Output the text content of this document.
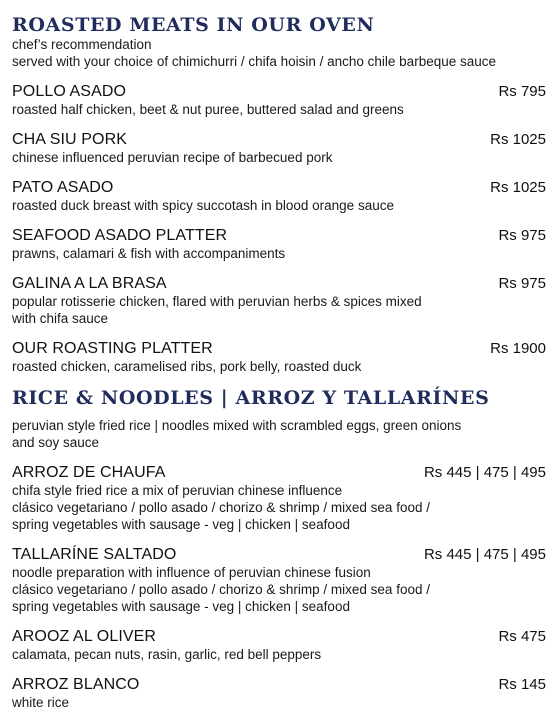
ROASTED MEATS IN OUR OVEN
chef’s recommendation
served with your choice of chimichurri / chifa hoisin / ancho chile barbeque sauce
POLLO ASADO	Rs 795
roasted half chicken, beet & nut puree, buttered salad and greens
CHA SIU PORK	Rs 1025
chinese influenced peruvian recipe of barbecued pork
PATO ASADO	Rs 1025
roasted duck breast with spicy succotash in blood orange sauce
SEAFOOD ASADO PLATTER	Rs 975
prawns, calamari & fish with accompaniments
GALINA A LA BRASA	Rs 975
popular rotisserie chicken, flared with peruvian herbs & spices mixed
with chifa sauce
OUR ROASTING PLATTER	Rs 1900
roasted chicken, caramelised ribs, pork belly, roasted duck
RICE & NOODLES | ARROZ Y TALLARÍNES
peruvian style fried rice | noodles mixed with scrambled eggs, green onions
and soy sauce
ARROZ DE CHAUFA	Rs 445 | 475 | 495
chifa style fried rice a mix of peruvian chinese influence
clásico vegetariano / pollo asado / chorizo & shrimp / mixed sea food /
spring vegetables with sausage - veg | chicken | seafood
TALLARÍNE SALTADO	Rs 445 | 475 | 495
noodle preparation with influence of peruvian chinese fusion
clásico vegetariano / pollo asado / chorizo & shrimp / mixed sea food /
spring vegetables with sausage - veg | chicken | seafood
AROOZ AL OLIVER	Rs 475
calamata, pecan nuts, rasin, garlic, red bell peppers
ARROZ BLANCO	Rs 145
white rice
